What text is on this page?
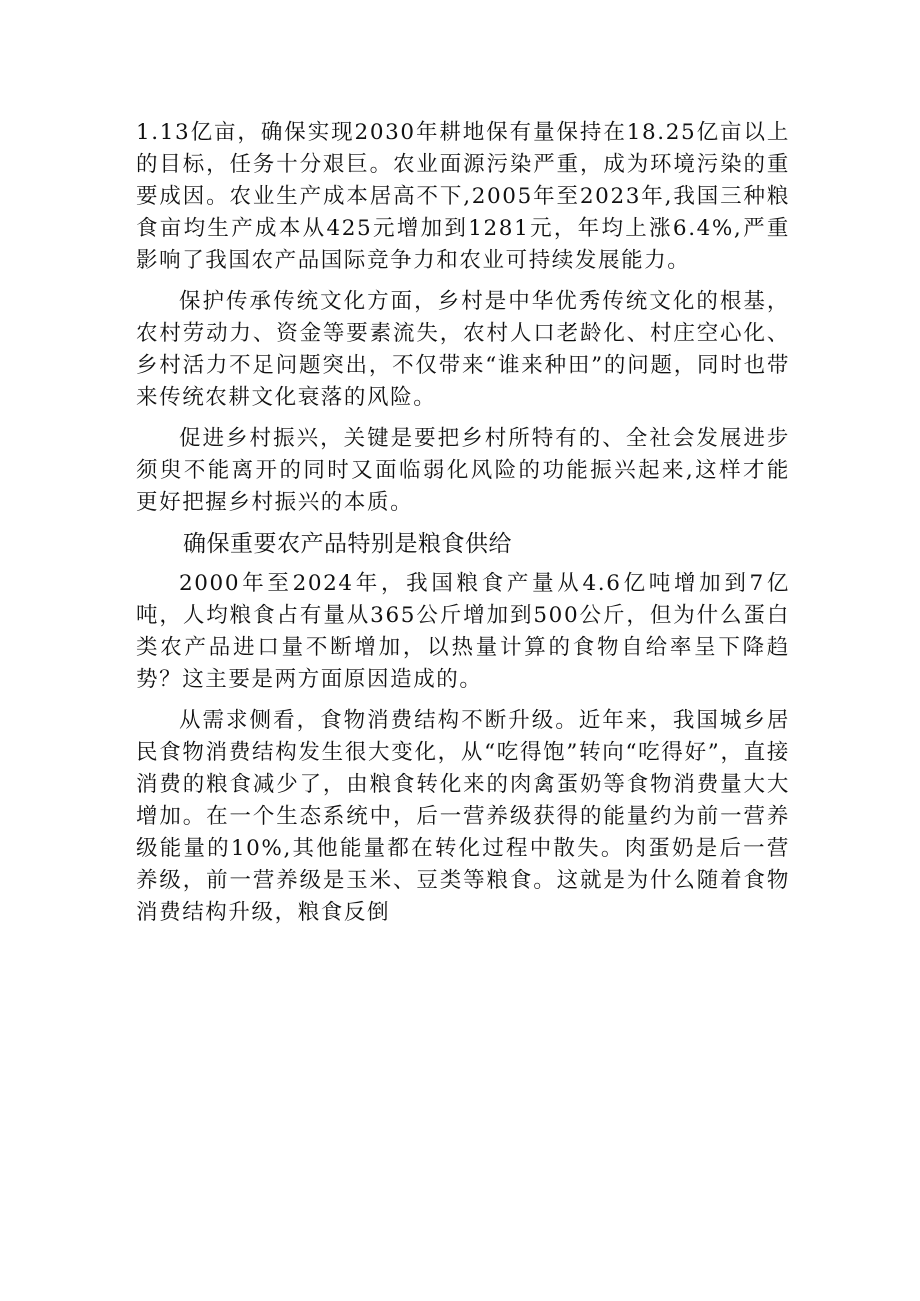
1.13亿亩，确保实现2030年耕地保有量保持在18.25亿亩以上的目标，任务十分艰巨。农业面源污染严重，成为环境污染的重要成因。农业生产成本居高不下,2005年至2023年,我国三种粮食亩均生产成本从425元增加到1281元，年均上涨6.4%,严重影响了我国农产品国际竞争力和农业可持续发展能力。

保护传承传统文化方面，乡村是中华优秀传统文化的根基，农村劳动力、资金等要素流失，农村人口老龄化、村庄空心化、乡村活力不足问题突出，不仅带来“谁来种田”的问题，同时也带来传统农耕文化衰落的风险。

促进乡村振兴，关键是要把乡村所特有的、全社会发展进步须臾不能离开的同时又面临弱化风险的功能振兴起来,这样才能更好把握乡村振兴的本质。

确保重要农产品特别是粮食供给

2000年至2024年，我国粮食产量从4.6亿吨增加到7亿吨，人均粮食占有量从365公斤增加到500公斤，但为什么蛋白类农产品进口量不断增加，以热量计算的食物自给率呈下降趋势？这主要是两方面原因造成的。

从需求侧看，食物消费结构不断升级。近年来，我国城乡居民食物消费结构发生很大变化，从“吃得饱”转向“吃得好”，直接消费的粮食减少了，由粮食转化来的肉禽蛋奶等食物消费量大大增加。在一个生态系统中，后一营养级获得的能量约为前一营养级能量的10%,其他能量都在转化过程中散失。肉蛋奶是后一营养级，前一营养级是玉米、豆类等粮食。这就是为什么随着食物消费结构升级，粮食反倒
